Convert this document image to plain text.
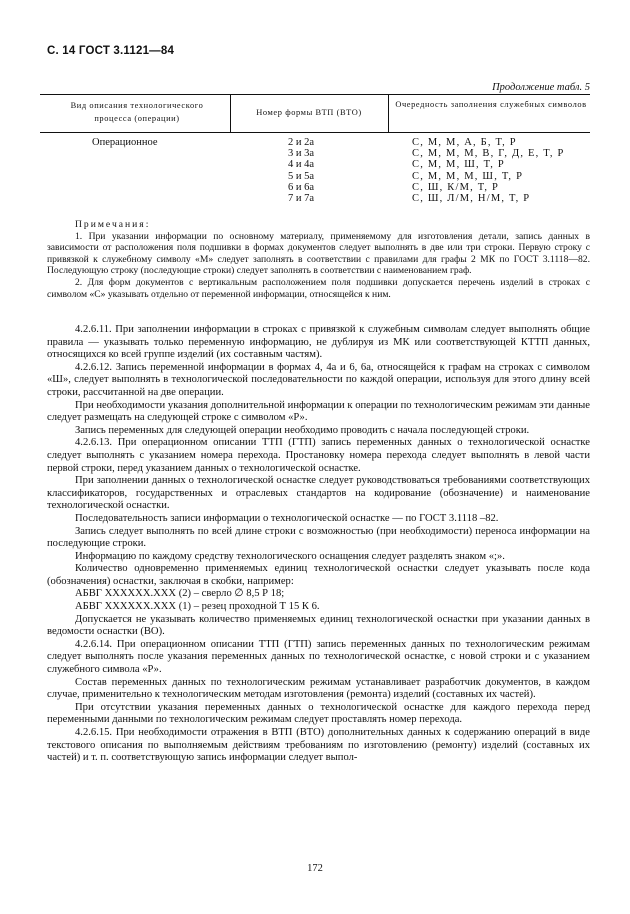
С. 14 ГОСТ 3.1121—84
Продолжение табл. 5
Вид описания технологического процесса (операции)
Номер формы ВТП (ВТО)
Очередность заполнения служебных символов
Операционное	2 и 2а
3 и 3а
4 и 4а
5 и 5а
6 и 6а
7 и 7а
С, М, М, А, Б, Т, Р
С, М, М, М, В, Г, Д, Е, Т, Р
С, М, М, Ш, Т, Р
С, М, М, М, Ш, Т, Р
С, Ш, К/М, Т, Р
С, Ш, Л/М, Н/М, Т, Р

Примечания:

1. При указании информации по основному материалу, применяемому для изготовления детали, запись данных в зависимости от расположения поля подшивки в формах документов следует выполнять в две или три строки. Первую строку с привязкой к служебному символу «М» следует заполнять в соответствии с правилами для графы 2 МК по ГОСТ 3.1118—82. Последующую строку (последующие строки) следует заполнять в соответствии с наименованием граф.

2. Для форм документов с вертикальным расположением поля подшивки допускается перечень изделий в строках с символом «С» указывать отдельно от переменной информации, относящейся к ним.

4.2.6.11. При заполнении информации в строках с привязкой к служебным символам следует выполнять общие правила — указывать только переменную информацию, не дублируя из МК или соответствующей КТТП данных, относящихся ко всей группе изделий (их составным частям).

4.2.6.12. Запись переменной информации в формах 4, 4а и 6, 6а, относящейся к графам на строках с символом «Ш», следует выполнять в технологической последовательности по каждой операции, используя для этого длину всей строки, рассчитанной на две операции.

При необходимости указания дополнительной информации к операции по технологическим режимам эти данные следует размещать на следующей строке с символом «Р».

Запись переменных для следующей операции необходимо проводить с начала последующей строки.

4.2.6.13. При операционном описании ТТП (ГТП) запись переменных данных о технологической оснастке следует выполнять с указанием номера перехода. Простановку номера перехода следует выполнять в левой части первой строки, перед указанием данных о технологической оснастке.

При заполнении данных о технологической оснастке следует руководствоваться требованиями соответствующих классификаторов, государственных и отраслевых стандартов на кодирование (обозначение) и наименование технологической оснастки.

Последовательность записи информации о технологической оснастке — по ГОСТ 3.1118 –82.

Запись следует выполнять по всей длине строки с возможностью (при необходимости) переноса информации на последующие строки.

Информацию по каждому средству технологического оснащения следует разделять знаком «;».

Количество одновременно применяемых единиц технологической оснастки следует указывать после кода (обозначения) оснастки, заключая в скобки, например:

АБВГ XXXXXX.XXX (2) – сверло ∅ 8,5 Р 18;

АБВГ XXXXXX.XXX (1) – резец проходной Т 15 К 6.

Допускается не указывать количество применяемых единиц технологической оснастки при указании данных в ведомости оснастки (ВО).

4.2.6.14. При операционном описании ТТП (ГТП) запись переменных данных по технологическим режимам следует выполнять после указания переменных данных по технологической оснастке, с новой строки и с указанием служебного символа «Р».

Состав переменных данных по технологическим режимам устанавливает разработчик документов, в каждом случае, применительно к технологическим методам изготовления (ремонта) изделий (составных их частей).

При отсутствии указания переменных данных о технологической оснастке для каждого перехода перед переменными данными по технологическим режимам следует проставлять номер перехода.

4.2.6.15. При необходимости отражения в ВТП (ВТО) дополнительных данных к содержанию операций в виде текстового описания по выполняемым действиям требованиям по изготовлению (ремонту) изделий (составных их частей) и т. п. соответствующую запись информации следует выпол-

172
